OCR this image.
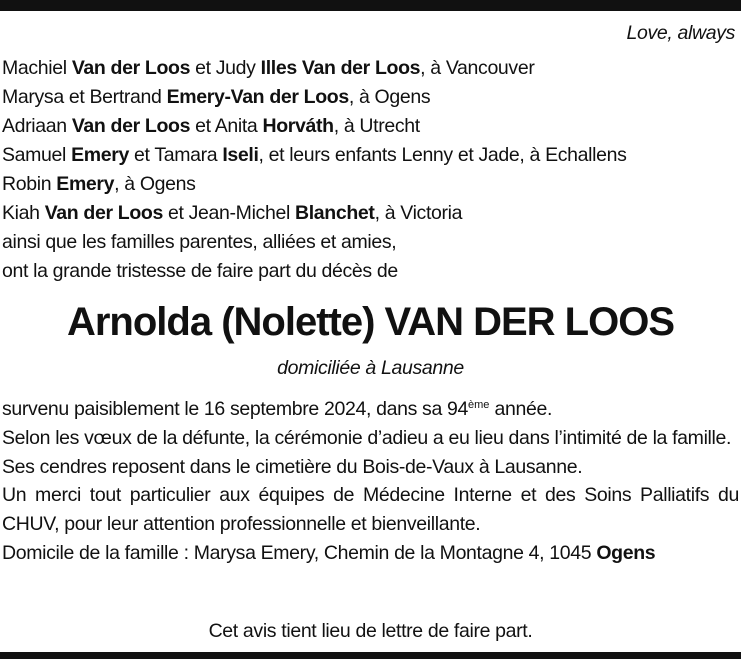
Love, always
Machiel Van der Loos et Judy Illes Van der Loos, à Vancouver
Marysa et Bertrand Emery-Van der Loos, à Ogens
Adriaan Van der Loos et Anita Horváth, à Utrecht
Samuel Emery et Tamara Iseli, et leurs enfants Lenny et Jade, à Echallens
Robin Emery, à Ogens
Kiah Van der Loos et Jean-Michel Blanchet, à Victoria
ainsi que les familles parentes, alliées et amies,
ont la grande tristesse de faire part du décès de
Arnolda (Nolette) VAN DER LOOS
domiciliée à Lausanne
survenu paisiblement le 16 septembre 2024, dans sa 94ème année.
Selon les vœux de la défunte, la cérémonie d’adieu a eu lieu dans l’intimité de la famille.
Ses cendres reposent dans le cimetière du Bois-de-Vaux à Lausanne.
Un merci tout particulier aux équipes de Médecine Interne et des Soins Palliatifs du CHUV, pour leur attention professionnelle et bienveillante.
Domicile de la famille : Marysa Emery, Chemin de la Montagne 4, 1045 Ogens
Cet avis tient lieu de lettre de faire part.
